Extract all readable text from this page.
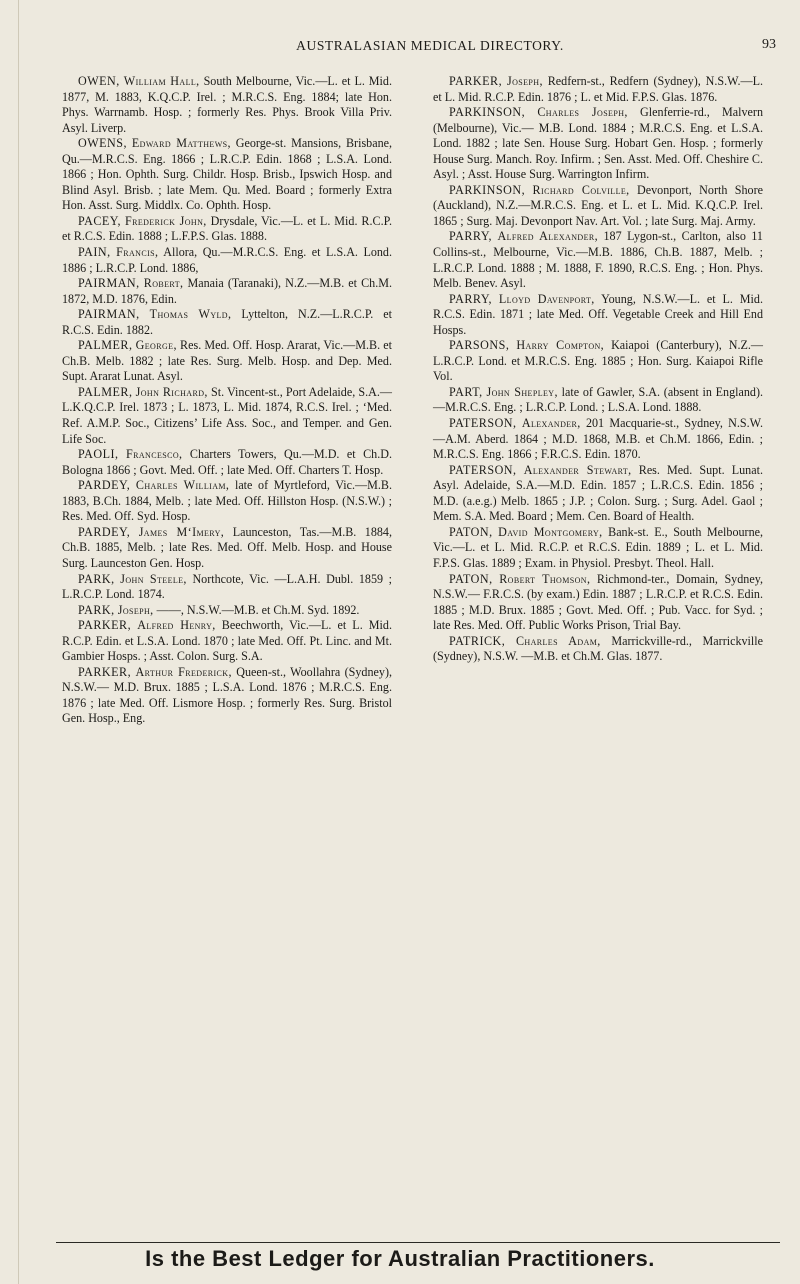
AUSTRALASIAN MEDICAL DIRECTORY.	93

OWEN, William Hall, South Melbourne, Vic.—L. et L. Mid. 1877, M. 1883, K.Q.C.P. Irel. ; M.R.C.S. Eng. 1884; late Hon. Phys. Warrnamb. Hosp. ; formerly Res. Phys. Brook Villa Priv. Asyl. Liverp.

OWENS, Edward Matthews, George-st. Mansions, Brisbane, Qu.—M.R.C.S. Eng. 1866 ; L.R.C.P. Edin. 1868 ; L.S.A. Lond. 1866 ; Hon. Ophth. Surg. Childr. Hosp. Brisb., Ipswich Hosp. and Blind Asyl. Brisb. ; late Mem. Qu. Med. Board ; formerly Extra Hon. Asst. Surg. Middlx. Co. Ophth. Hosp.

PACEY, Frederick John, Drysdale, Vic.—L. et L. Mid. R.C.P. et R.C.S. Edin. 1888 ; L.F.P.S. Glas. 1888.

PAIN, Francis, Allora, Qu.—M.R.C.S. Eng. et L.S.A. Lond. 1886 ; L.R.C.P. Lond. 1886,

PAIRMAN, Robert, Manaia (Taranaki), N.Z.—M.B. et Ch.M. 1872, M.D. 1876, Edin.

PAIRMAN, Thomas Wyld, Lyttelton, N.Z.—L.R.C.P. et R.C.S. Edin. 1882.

PALMER, George, Res. Med. Off. Hosp. Ararat, Vic.—M.B. et Ch.B. Melb. 1882 ; late Res. Surg. Melb. Hosp. and Dep. Med. Supt. Ararat Lunat. Asyl.

PALMER, John Richard, St. Vincent-st., Port Adelaide, S.A.—L.K.Q.C.P. Irel. 1873 ; L. 1873, L. Mid. 1874, R.C.S. Irel. ; ‘Med. Ref. A.M.P. Soc., Citizens’ Life Ass. Soc., and Temper. and Gen. Life Soc.

PAOLI, Francesco, Charters Towers, Qu.—M.D. et Ch.D. Bologna 1866 ; Govt. Med. Off. ; late Med. Off. Charters T. Hosp.

PARDEY, Charles William, late of Myrtleford, Vic.—M.B. 1883, B.Ch. 1884, Melb. ; late Med. Off. Hillston Hosp. (N.S.W.) ; Res. Med. Off. Syd. Hosp.

PARDEY, James M‘Imery, Launceston, Tas.—M.B. 1884, Ch.B. 1885, Melb. ; late Res. Med. Off. Melb. Hosp. and House Surg. Launceston Gen. Hosp.

PARK, John Steele, Northcote, Vic. —L.A.H. Dubl. 1859 ; L.R.C.P. Lond. 1874.

PARK, Joseph, ——, N.S.W.—M.B. et Ch.M. Syd. 1892.

PARKER, Alfred Henry, Beechworth, Vic.—L. et L. Mid. R.C.P. Edin. et L.S.A. Lond. 1870 ; late Med. Off. Pt. Linc. and Mt. Gambier Hosps. ; Asst. Colon. Surg. S.A.

PARKER, Arthur Frederick, Queen-st., Woollahra (Sydney), N.S.W.— M.D. Brux. 1885 ; L.S.A. Lond. 1876 ; M.R.C.S. Eng. 1876 ; late Med. Off. Lismore Hosp. ; formerly Res. Surg. Bristol Gen. Hosp., Eng.

PARKER, Joseph, Redfern-st., Redfern (Sydney), N.S.W.—L. et L. Mid. R.C.P. Edin. 1876 ; L. et Mid. F.P.S. Glas. 1876.

PARKINSON, Charles Joseph, Glenferrie-rd., Malvern (Melbourne), Vic.— M.B. Lond. 1884 ; M.R.C.S. Eng. et L.S.A. Lond. 1882 ; late Sen. House Surg. Hobart Gen. Hosp. ; formerly House Surg. Manch. Roy. Infirm. ; Sen. Asst. Med. Off. Cheshire C. Asyl. ; Asst. House Surg. Warrington Infirm.

PARKINSON, Richard Colville, Devonport, North Shore (Auckland), N.Z.—M.R.C.S. Eng. et L. et L. Mid. K.Q.C.P. Irel. 1865 ; Surg. Maj. Devonport Nav. Art. Vol. ; late Surg. Maj. Army.

PARRY, Alfred Alexander, 187 Lygon-st., Carlton, also 11 Collins-st., Melbourne, Vic.—M.B. 1886, Ch.B. 1887, Melb. ; L.R.C.P. Lond. 1888 ; M. 1888, F. 1890, R.C.S. Eng. ; Hon. Phys. Melb. Benev. Asyl.

PARRY, Lloyd Davenport, Young, N.S.W.—L. et L. Mid. R.C.S. Edin. 1871 ; late Med. Off. Vegetable Creek and Hill End Hosps.

PARSONS, Harry Compton, Kaiapoi (Canterbury), N.Z.—L.R.C.P. Lond. et M.R.C.S. Eng. 1885 ; Hon. Surg. Kaiapoi Rifle Vol.

PART, John Shepley, late of Gawler, S.A. (absent in England).—M.R.C.S. Eng. ; L.R.C.P. Lond. ; L.S.A. Lond. 1888.

PATERSON, Alexander, 201 Macquarie-st., Sydney, N.S.W.—A.M. Aberd. 1864 ; M.D. 1868, M.B. et Ch.M. 1866, Edin. ; M.R.C.S. Eng. 1866 ; F.R.C.S. Edin. 1870.

PATERSON, Alexander Stewart, Res. Med. Supt. Lunat. Asyl. Adelaide, S.A.—M.D. Edin. 1857 ; L.R.C.S. Edin. 1856 ; M.D. (a.e.g.) Melb. 1865 ; J.P. ; Colon. Surg. ; Surg. Adel. Gaol ; Mem. S.A. Med. Board ; Mem. Cen. Board of Health.

PATON, David Montgomery, Bank-st. E., South Melbourne, Vic.—L. et L. Mid. R.C.P. et R.C.S. Edin. 1889 ; L. et L. Mid. F.P.S. Glas. 1889 ; Exam. in Physiol. Presbyt. Theol. Hall.

PATON, Robert Thomson, Richmond-ter., Domain, Sydney, N.S.W.— F.R.C.S. (by exam.) Edin. 1887 ; L.R.C.P. et R.C.S. Edin. 1885 ; M.D. Brux. 1885 ; Govt. Med. Off. ; Pub. Vacc. for Syd. ; late Res. Med. Off. Public Works Prison, Trial Bay.

PATRICK, Charles Adam, Marrickville-rd., Marrickville (Sydney), N.S.W. —M.B. et Ch.M. Glas. 1877.

Is the Best Ledger for Australian Practitioners.
